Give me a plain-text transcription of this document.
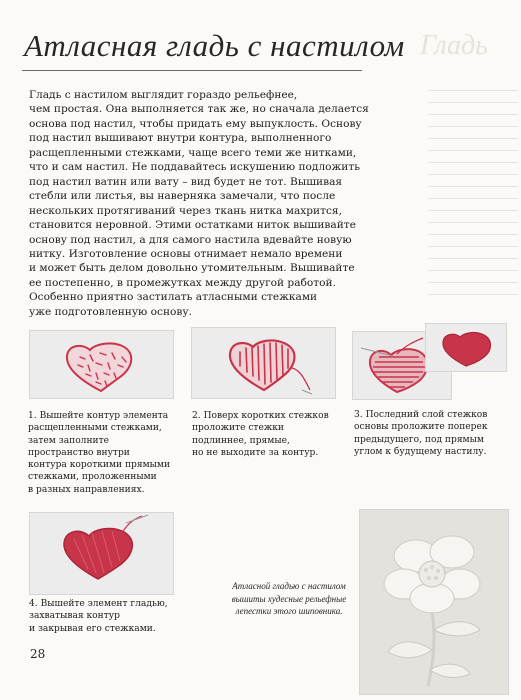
Атласная гладь с настилом Гладь
Гладь с настилом выглядит гораздо рельефнее,
чем простая. Она выполняется так же, но сначала делается
основа под настил, чтобы придать ему выпуклость. Основу
под настил вышивают внутри контура, выполненного
расщепленными стежками, чаще всего теми же нитками,
что и сам настил. Не поддавайтесь искушению подложить
под настил ватин или вату – вид будет не тот. Вышивая
стебли или листья, вы наверняка замечали, что после
нескольких протягиваний через ткань нитка махрится,
становится неровной. Этими остатками ниток вышивайте
основу под настил, а для самого настила вдевайте новую
нитку. Изготовление основы отнимает немало времени
и может быть делом довольно утомительным. Вышивайте
ее постепенно, в промежутках между другой работой.
Особенно приятно застилать атласными стежками
уже подготовленную основу.
1. Вышейте контур элемента
расщепленными стежками,
затем заполните
пространство внутри
контура короткими прямыми
стежками, проложенными
в разных направлениях.
2. Поверх коротких стежков
проложите стежки
подлиннее, прямые,
но не выходите за контур.
3. Последний слой стежков
основы проложите поперек
предыдущего, под прямым
углом к будущему настилу.
4. Вышейте элемент гладью,
захватывая контур
и закрывая его стежками.
Атласной гладью с настилом
вышиты худесные рельефные
лепестки этого шиповника.
28
